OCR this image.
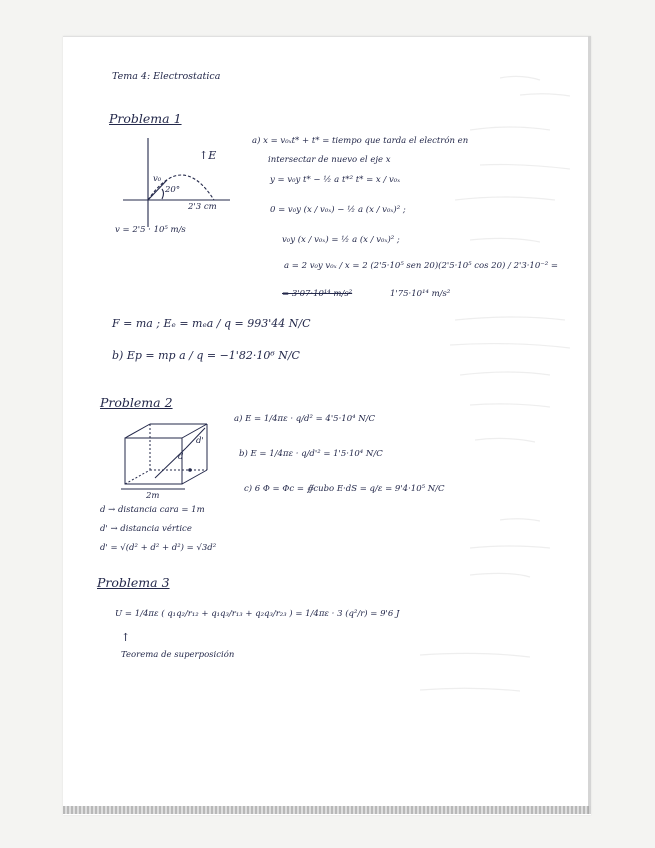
Tema 4: Electrostatica
Problema 1
↑E
20°
v₀
2'3 cm
v = 2'5 · 10⁵ m/s
a) x = v₀ₓt* + t* = tiempo que tarda el electrón en
intersectar de nuevo el eje x
y = v₀y t* − ½ a t*² t* = x / v₀ₓ
0 = v₀y (x / v₀ₓ) − ½ a (x / v₀ₓ)² ;
v₀y (x / v₀ₓ) = ½ a (x / v₀ₓ)² ;
a = 2 v₀y v₀ₓ / x = 2 (2'5·10⁵ sen 20)(2'5·10⁵ cos 20) / 2'3·10⁻² =
= 3'07·10¹⁴ m/s²	1'75·10¹⁴ m/s²
F = ma ; Eₑ = mₑa / q = 993'44 N/C
b) Ep = mp a / q = −1'82·10⁶ N/C
Problema 2
d'
d
2m
a) E = 1/4πε · q/d² = 4'5·10⁴ N/C
b) E = 1/4πε · q/d'² = 1'5·10⁴ N/C
c) 6 Φ = Φc = ∯cubo E·dS = q/ε = 9'4·10⁵ N/C
d → distancia cara = 1m
d' → distancia vértice
d' = √(d² + d² + d²) = √3d²
Problema 3
U = 1/4πε ( q₁q₂/r₁₂ + q₁q₃/r₁₃ + q₂q₃/r₂₃ ) = 1/4πε · 3 (q²/r) = 9'6 J
↑
Teorema de superposición
